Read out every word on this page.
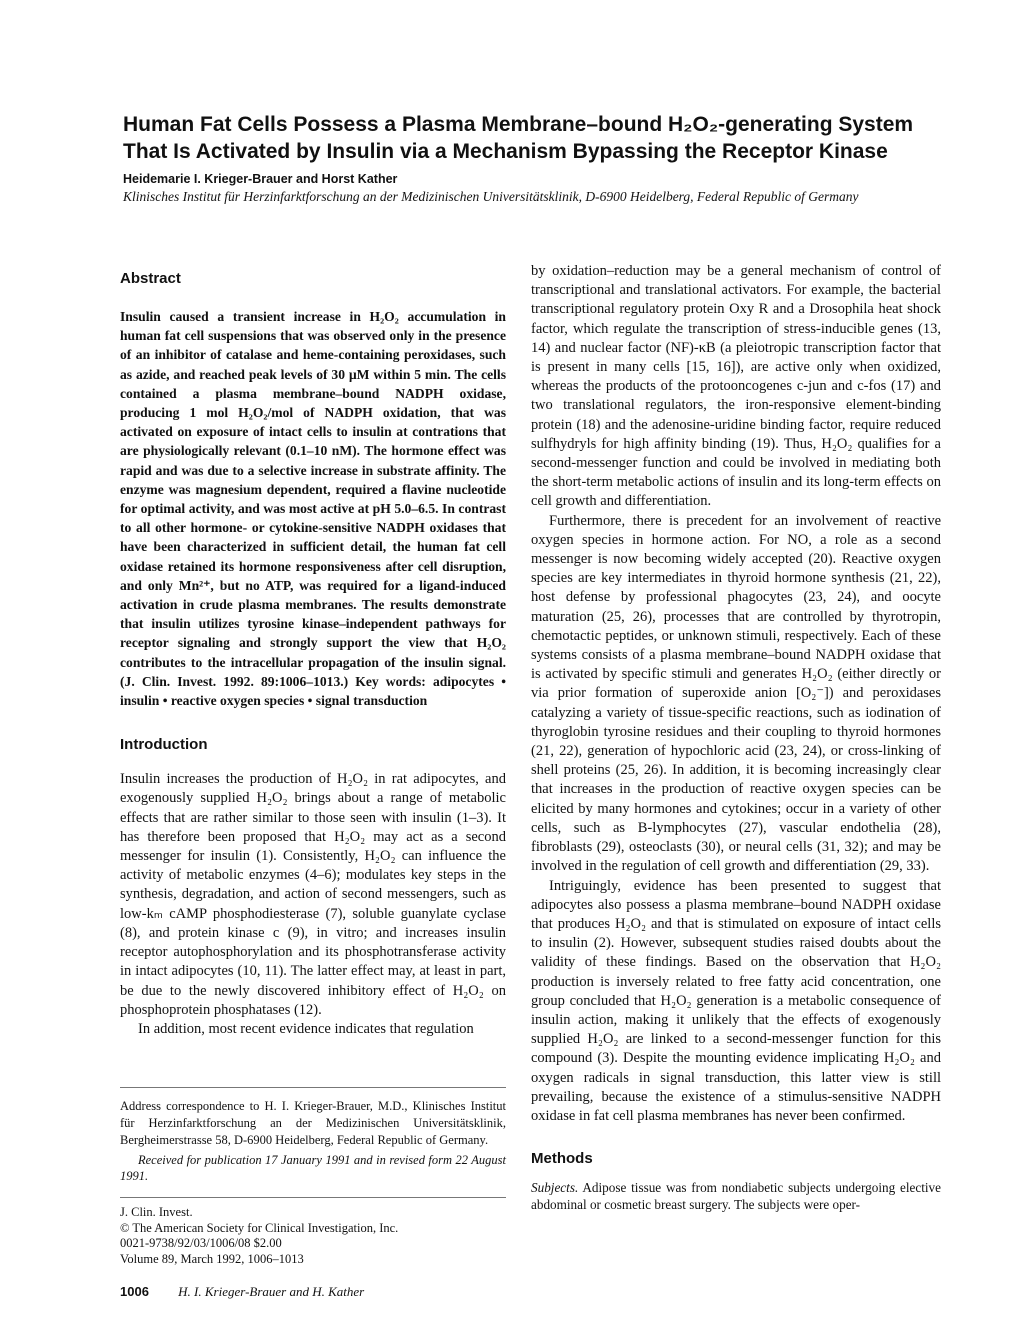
Human Fat Cells Possess a Plasma Membrane–bound H₂O₂-generating System That Is Activated by Insulin via a Mechanism Bypassing the Receptor Kinase
Heidemarie I. Krieger-Brauer and Horst Kather
Klinisches Institut für Herzinfarktforschung an der Medizinischen Universitätsklinik, D-6900 Heidelberg, Federal Republic of Germany
Abstract

Insulin caused a transient increase in H₂O₂ accumulation in human fat cell suspensions that was observed only in the presence of an inhibitor of catalase and heme-containing peroxidases, such as azide, and reached peak levels of 30 µM within 5 min. The cells contained a plasma membrane–bound NADPH oxidase, producing 1 mol H₂O₂/mol of NADPH oxidation, that was activated on exposure of intact cells to insulin at contrations that are physiologically relevant (0.1–10 nM). The hormone effect was rapid and was due to a selective increase in substrate affinity. The enzyme was magnesium dependent, required a flavine nucleotide for optimal activity, and was most active at pH 5.0–6.5. In contrast to all other hormone- or cytokine-sensitive NADPH oxidases that have been characterized in sufficient detail, the human fat cell oxidase retained its hormone responsiveness after cell disruption, and only Mn²⁺, but no ATP, was required for a ligand-induced activation in crude plasma membranes. The results demonstrate that insulin utilizes tyrosine kinase–independent pathways for receptor signaling and strongly support the view that H₂O₂ contributes to the intracellular propagation of the insulin signal. (J. Clin. Invest. 1992. 89:1006–1013.) Key words: adipocytes • insulin • reactive oxygen species • signal transduction

Introduction

Insulin increases the production of H₂O₂ in rat adipocytes, and exogenously supplied H₂O₂ brings about a range of metabolic effects that are rather similar to those seen with insulin (1–3). It has therefore been proposed that H₂O₂ may act as a second messenger for insulin (1). Consistently, H₂O₂ can influence the activity of metabolic enzymes (4–6); modulates key steps in the synthesis, degradation, and action of second messengers, such as low-kₘ cAMP phosphodiesterase (7), soluble guanylate cyclase (8), and protein kinase c (9), in vitro; and increases insulin receptor autophosphorylation and its phosphotransferase activity in intact adipocytes (10, 11). The latter effect may, at least in part, be due to the newly discovered inhibitory effect of H₂O₂ on phosphoprotein phosphatases (12).

In addition, most recent evidence indicates that regulation

Address correspondence to H. I. Krieger-Brauer, M.D., Klinisches Institut für Herzinfarktforschung an der Medizinischen Universitätsklinik, Bergheimerstrasse 58, D-6900 Heidelberg, Federal Republic of Germany.

Received for publication 17 January 1991 and in revised form 22 August 1991.

J. Clin. Invest.

© The American Society for Clinical Investigation, Inc.

0021-9738/92/03/1006/08 $2.00

Volume 89, March 1992, 1006–1013

by oxidation–reduction may be a general mechanism of control of transcriptional and translational activators. For example, the bacterial transcriptional regulatory protein Oxy R and a Drosophila heat shock factor, which regulate the transcription of stress-inducible genes (13, 14) and nuclear factor (NF)-κB (a pleiotropic transcription factor that is present in many cells [15, 16]), are active only when oxidized, whereas the products of the protooncogenes c-jun and c-fos (17) and two translational regulators, the iron-responsive element-binding protein (18) and the adenosine-uridine binding factor, require reduced sulfhydryls for high affinity binding (19). Thus, H₂O₂ qualifies for a second-messenger function and could be involved in mediating both the short-term metabolic actions of insulin and its long-term effects on cell growth and differentiation.

Furthermore, there is precedent for an involvement of reactive oxygen species in hormone action. For NO, a role as a second messenger is now becoming widely accepted (20). Reactive oxygen species are key intermediates in thyroid hormone synthesis (21, 22), host defense by professional phagocytes (23, 24), and oocyte maturation (25, 26), processes that are controlled by thyrotropin, chemotactic peptides, or unknown stimuli, respectively. Each of these systems consists of a plasma membrane–bound NADPH oxidase that is activated by specific stimuli and generates H₂O₂ (either directly or via prior formation of superoxide anion [O₂⁻]) and peroxidases catalyzing a variety of tissue-specific reactions, such as iodination of thyroglobin tyrosine residues and their coupling to thyroid hormones (21, 22), generation of hypochloric acid (23, 24), or cross-linking of shell proteins (25, 26). In addition, it is becoming increasingly clear that increases in the production of reactive oxygen species can be elicited by many hormones and cytokines; occur in a variety of other cells, such as B-lymphocytes (27), vascular endothelia (28), fibroblasts (29), osteoclasts (30), or neural cells (31, 32); and may be involved in the regulation of cell growth and differentiation (29, 33).

Intriguingly, evidence has been presented to suggest that adipocytes also possess a plasma membrane–bound NADPH oxidase that produces H₂O₂ and that is stimulated on exposure of intact cells to insulin (2). However, subsequent studies raised doubts about the validity of these findings. Based on the observation that H₂O₂ production is inversely related to free fatty acid concentration, one group concluded that H₂O₂ generation is a metabolic consequence of insulin action, making it unlikely that the effects of exogenously supplied H₂O₂ are linked to a second-messenger function for this compound (3). Despite the mounting evidence implicating H₂O₂ and oxygen radicals in signal transduction, this latter view is still prevailing, because the existence of a stimulus-sensitive NADPH oxidase in fat cell plasma membranes has never been confirmed.

Methods

Subjects. Adipose tissue was from nondiabetic subjects undergoing elective abdominal or cosmetic breast surgery. The subjects were oper-

1006 H. I. Krieger-Brauer and H. Kather
